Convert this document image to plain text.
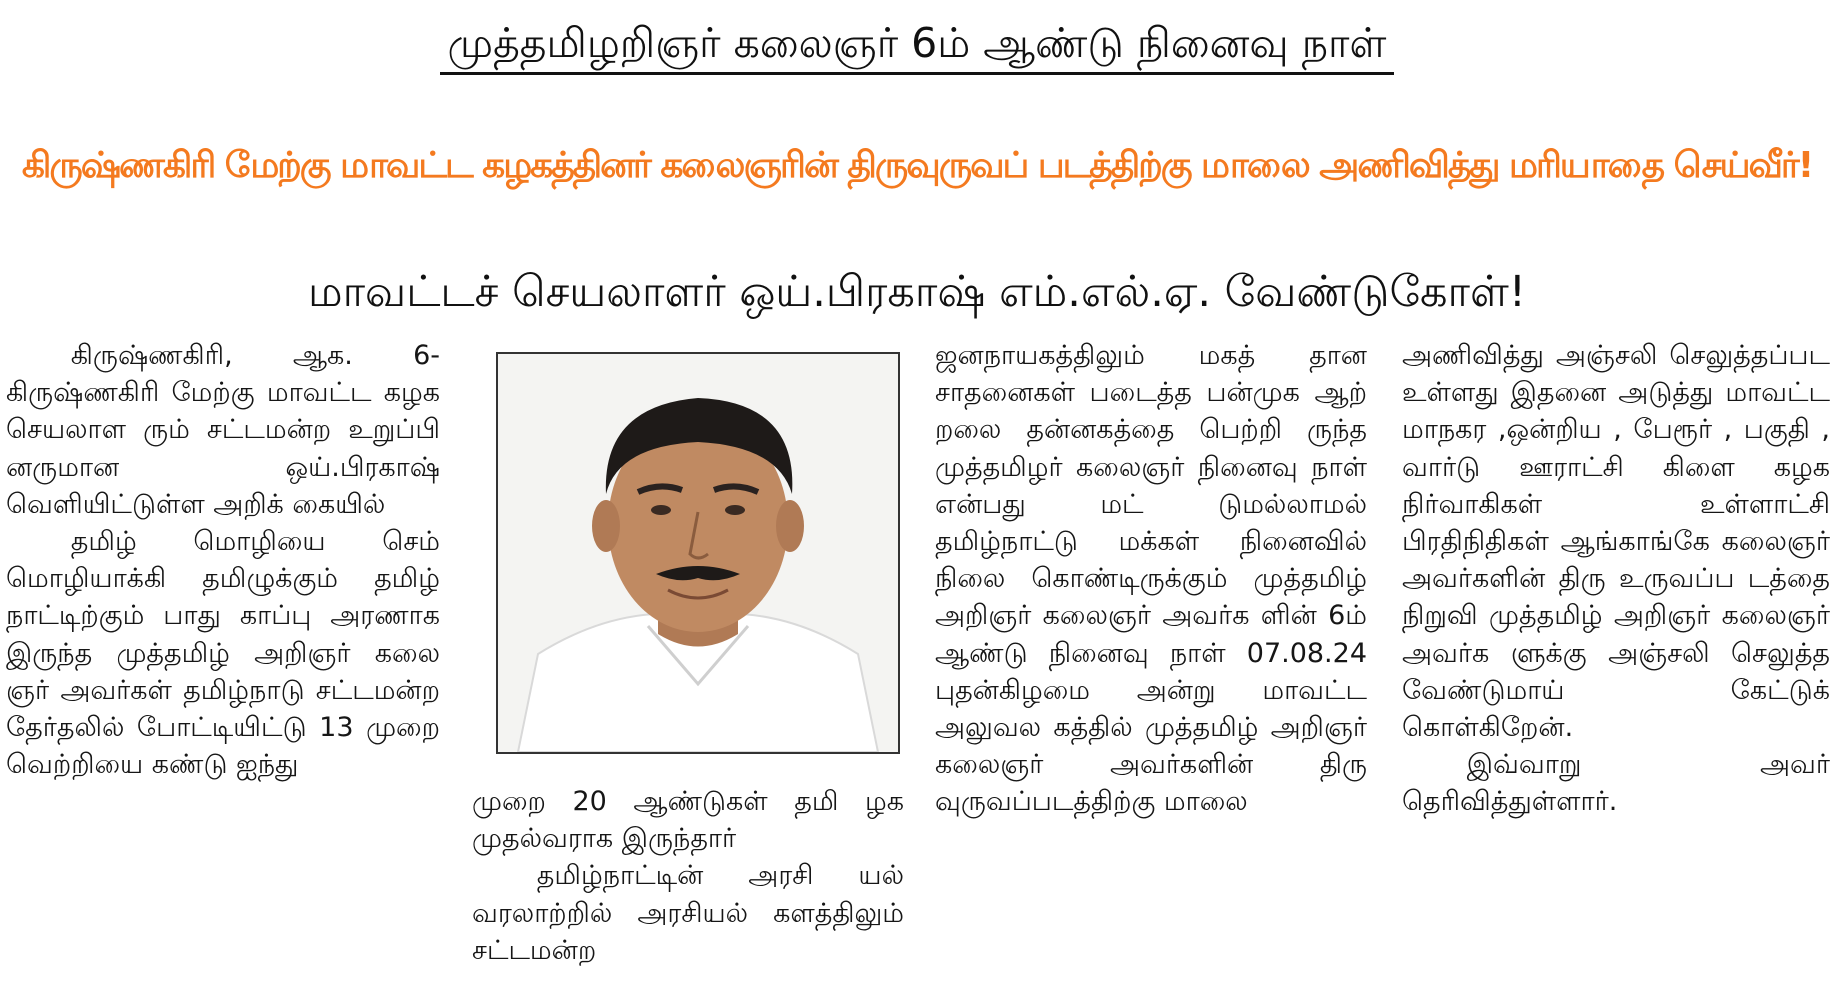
முத்தமிழறிஞர் கலைஞர் 6ம் ஆண்டு நினைவு நாள்
கிருஷ்ணகிரி மேற்கு மாவட்ட கழகத்தினர் கலைஞரின் திருவுருவப் படத்திற்கு மாலை அணிவித்து மரியாதை செய்வீர்!
மாவட்டச் செயலாளர் ஒய்.பிரகாஷ் எம்.எல்.ஏ. வேண்டுகோள்!

கிருஷ்ணகிரி, ஆக. 6- கிருஷ்ணகிரி மேற்கு மாவட்ட கழக செயலாள ரும் சட்டமன்ற உறுப்பி னருமான ஒய்.பிரகாஷ் வெளியிட்டுள்ள அறிக் கையில்

தமிழ் மொழியை செம் மொழியாக்கி தமிழுக்கும் தமிழ் நாட்டிற்கும் பாது காப்பு அரணாக இருந்த முத்தமிழ் அறிஞர் கலை ஞர் அவர்கள் தமிழ்நாடு சட்டமன்ற தேர்தலில் போட்டியிட்டு 13 முறை வெற்றியை கண்டு ஐந்து

முறை 20 ஆண்டுகள் தமி ழக முதல்வராக இருந்தார்

தமிழ்நாட்டின் அரசி யல் வரலாற்றில் அரசியல் களத்திலும் சட்டமன்ற

ஜனநாயகத்திலும் மகத் தான சாதனைகள் படைத்த பன்முக ஆற் றலை தன்னகத்தை பெற்றி ருந்த முத்தமிழர் கலைஞர் நினைவு நாள் என்பது மட் டுமல்லாமல் தமிழ்நாட்டு மக்கள் நினைவில் நிலை கொண்டிருக்கும் முத்தமிழ் அறிஞர் கலைஞர் அவர்க ளின் 6ம் ஆண்டு நினைவு நாள் 07.08.24 புதன்கிழமை அன்று மாவட்ட அலுவல கத்தில் முத்தமிழ் அறிஞர் கலைஞர் அவர்களின் திரு வுருவப்படத்திற்கு மாலை

அணிவித்து அஞ்சலி செலுத்தப்பட உள்ளது இதனை அடுத்து மாவட்ட மாநகர ,ஒன்றிய , பேரூர் , பகுதி , வார்டு ஊராட்சி கிளை கழக நிர்வாகிகள் உள்ளாட்சி பிரதிநிதிகள் ஆங்காங்கே கலைஞர் அவர்களின் திரு உருவப்ப டத்தை நிறுவி முத்தமிழ் அறிஞர் கலைஞர் அவர்க ளுக்கு அஞ்சலி செலுத்த வேண்டுமாய் கேட்டுக் கொள்கிறேன்.

இவ்வாறு அவர் தெரிவித்துள்ளார்.
